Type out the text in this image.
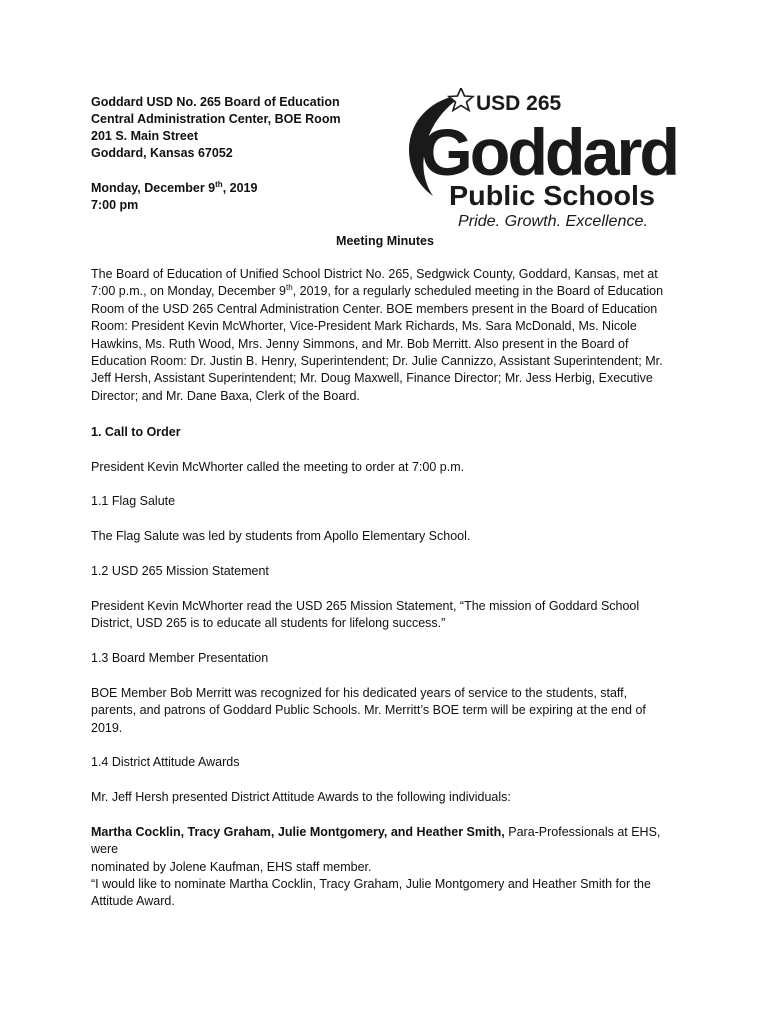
Goddard USD No. 265 Board of Education
Central Administration Center, BOE Room
201 S. Main Street
Goddard, Kansas 67052
Monday, December 9th, 2019
7:00 pm
USD 265
Goddard
Public Schools
Pride. Growth. Excellence.
Meeting Minutes
The Board of Education of Unified School District No. 265, Sedgwick County, Goddard, Kansas, met at
7:00 p.m., on Monday, December 9th, 2019, for a regularly scheduled meeting in the Board of Education
Room of the USD 265 Central Administration Center. BOE members present in the Board of Education
Room: President Kevin McWhorter, Vice-President Mark Richards, Ms. Sara McDonald, Ms. Nicole
Hawkins, Ms. Ruth Wood, Mrs. Jenny Simmons, and Mr. Bob Merritt. Also present in the Board of
Education Room: Dr. Justin B. Henry, Superintendent; Dr. Julie Cannizzo, Assistant Superintendent; Mr.
Jeff Hersh, Assistant Superintendent; Mr. Doug Maxwell, Finance Director; Mr. Jess Herbig, Executive
Director; and Mr. Dane Baxa, Clerk of the Board.
1. Call to Order
President Kevin McWhorter called the meeting to order at 7:00 p.m.
1.1 Flag Salute
The Flag Salute was led by students from Apollo Elementary School.
1.2 USD 265 Mission Statement
President Kevin McWhorter read the USD 265 Mission Statement, “The mission of Goddard School
District, USD 265 is to educate all students for lifelong success.”
1.3 Board Member Presentation
BOE Member Bob Merritt was recognized for his dedicated years of service to the students, staff,
parents, and patrons of Goddard Public Schools. Mr. Merritt’s BOE term will be expiring at the end of
2019.
1.4 District Attitude Awards
Mr. Jeff Hersh presented District Attitude Awards to the following individuals:
Martha Cocklin, Tracy Graham, Julie Montgomery, and Heather Smith, Para-Professionals at EHS, were
nominated by Jolene Kaufman, EHS staff member.
“I would like to nominate Martha Cocklin, Tracy Graham, Julie Montgomery and Heather Smith for the
Attitude Award.
